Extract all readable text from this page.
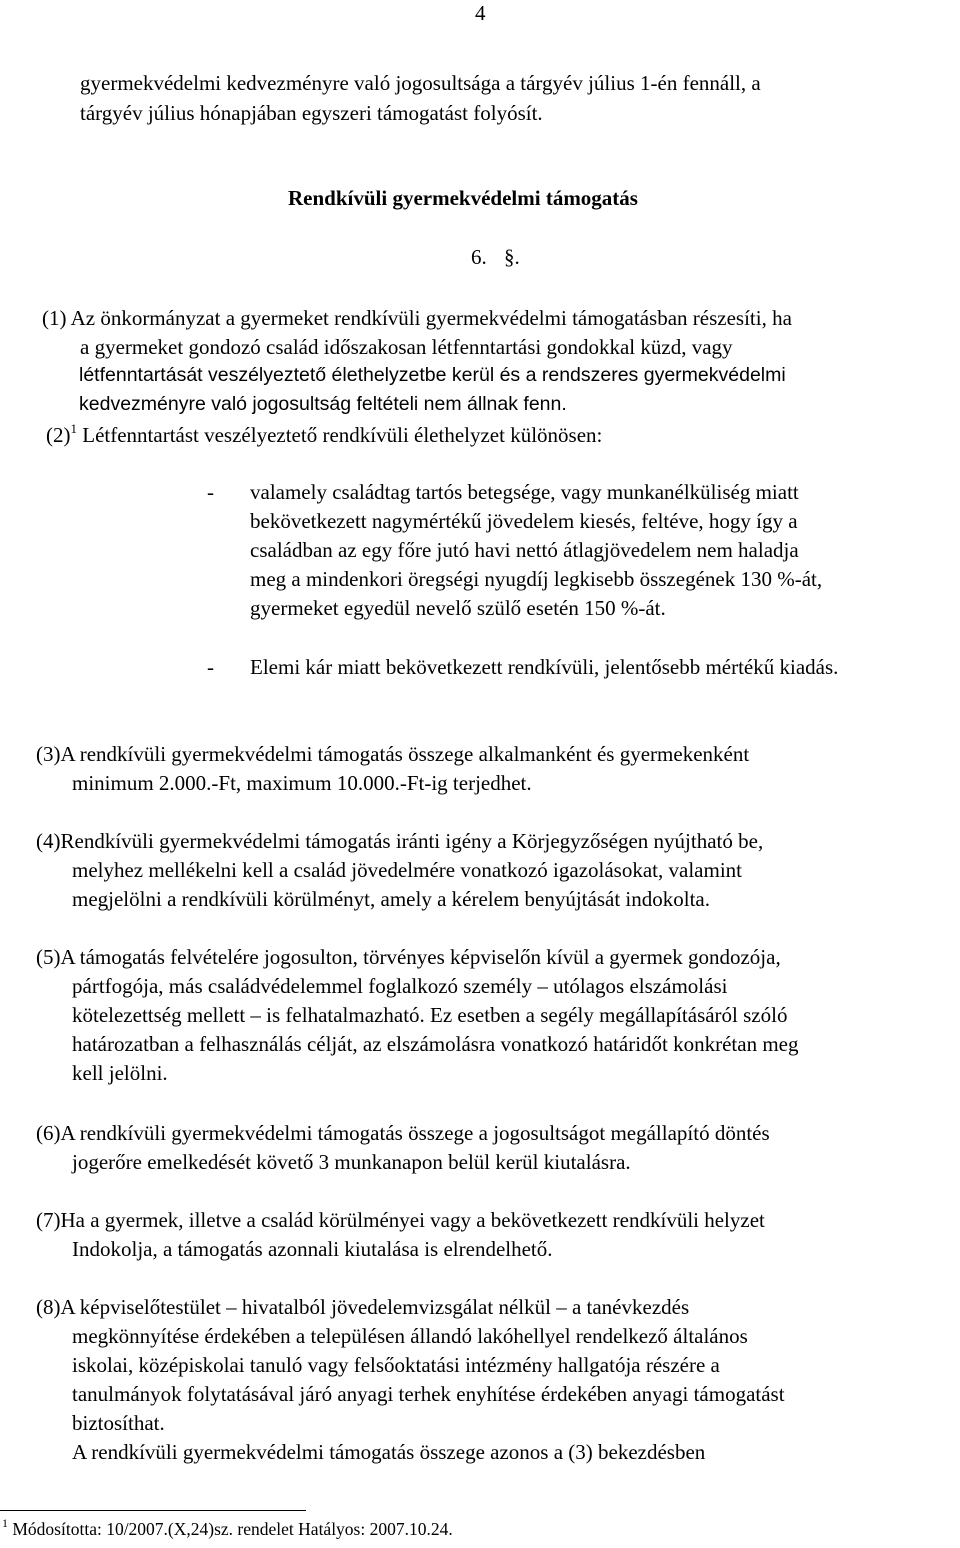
4
gyermekvédelmi kedvezményre való jogosultsága a tárgyév július 1-én fennáll, a
tárgyév július hónapjában egyszeri támogatást folyósít.
Rendkívüli gyermekvédelmi támogatás
6. §.
(1) Az önkormányzat a gyermeket rendkívüli gyermekvédelmi támogatásban részesíti, ha
a gyermeket gondozó család időszakosan létfenntartási gondokkal küzd, vagy
létfenntartását veszélyeztető élethelyzetbe kerül és a rendszeres gyermekvédelmi
kedvezményre való jogosultság feltételi nem állnak fenn.
$(2)^1$ Létfenntartást veszélyeztető rendkívüli élethelyzet különösen:
- valamely családtag tartós betegsége, vagy munkanélküliség miatt
bekövetkezett nagymértékű jövedelem kiesés, feltéve, hogy így a
családban az egy főre jutó havi nettó átlagjövedelem nem haladja
meg a mindenkori öregségi nyugdíj legkisebb összegének 130 %-át,
gyermeket egyedül nevelő szülő esetén 150 %-át.
- Elemi kár miatt bekövetkezett rendkívüli, jelentősebb mértékű kiadás.
(3)A rendkívüli gyermekvédelmi támogatás összege alkalmanként és gyermekenként
minimum 2.000.-Ft, maximum 10.000.-Ft-ig terjedhet.
(4)Rendkívüli gyermekvédelmi támogatás iránti igény a Körjegyzőségen nyújtható be,
melyhez mellékelni kell a család jövedelmére vonatkozó igazolásokat, valamint
megjelölni a rendkívüli körülményt, amely a kérelem benyújtását indokolta.
(5)A támogatás felvételére jogosulton, törvényes képviselőn kívül a gyermek gondozója,
pártfogója, más családvédelemmel foglalkozó személy – utólagos elszámolási
kötelezettség mellett – is felhatalmazható. Ez esetben a segély megállapításáról szóló
határozatban a felhasználás célját, az elszámolásra vonatkozó határidőt konkrétan meg
kell jelölni.
(6)A rendkívüli gyermekvédelmi támogatás összege a jogosultságot megállapító döntés
jogerőre emelkedését követő 3 munkanapon belül kerül kiutalásra.
(7)Ha a gyermek, illetve a család körülményei vagy a bekövetkezett rendkívüli helyzet
Indokolja, a támogatás azonnali kiutalása is elrendelhető.
(8)A képviselőtestület – hivatalból jövedelemvizsgálat nélkül – a tanévkezdés
megkönnyítése érdekében a településen állandó lakóhellyel rendelkező általános
iskolai, középiskolai tanuló vagy felsőoktatási intézmény hallgatója részére a
tanulmányok folytatásával járó anyagi terhek enyhítése érdekében anyagi támogatást
biztosíthat.
A rendkívüli gyermekvédelmi támogatás összege azonos a (3) bekezdésben
$^1$ Módosította: 10/2007.(X,24)sz. rendelet Hatályos: 2007.10.24.
